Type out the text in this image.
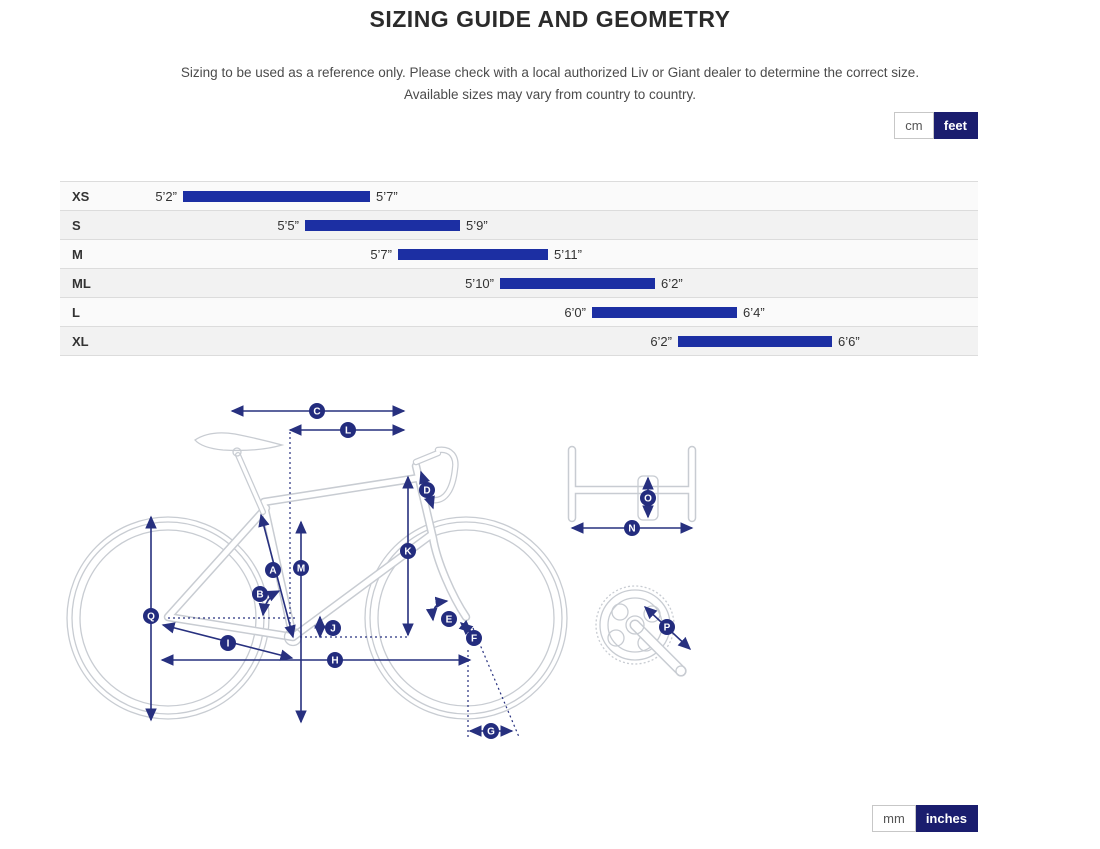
SIZING GUIDE AND GEOMETRY
Sizing to be used as a reference only. Please check with a local authorized Liv or Giant dealer to determine the correct size.
Available sizes may vary from country to country.
cm	feet
XS	5’2”	5’7”
S	5’5”	5’9”
M	5’7”	5’11”
ML	5’10”	6’2”
L	6’0”	6’4”
XL	6’2”	6’6”
C
L
D
K
A M
B
Q	E
J
F
I
H
G
O
N
P
mm	inches
